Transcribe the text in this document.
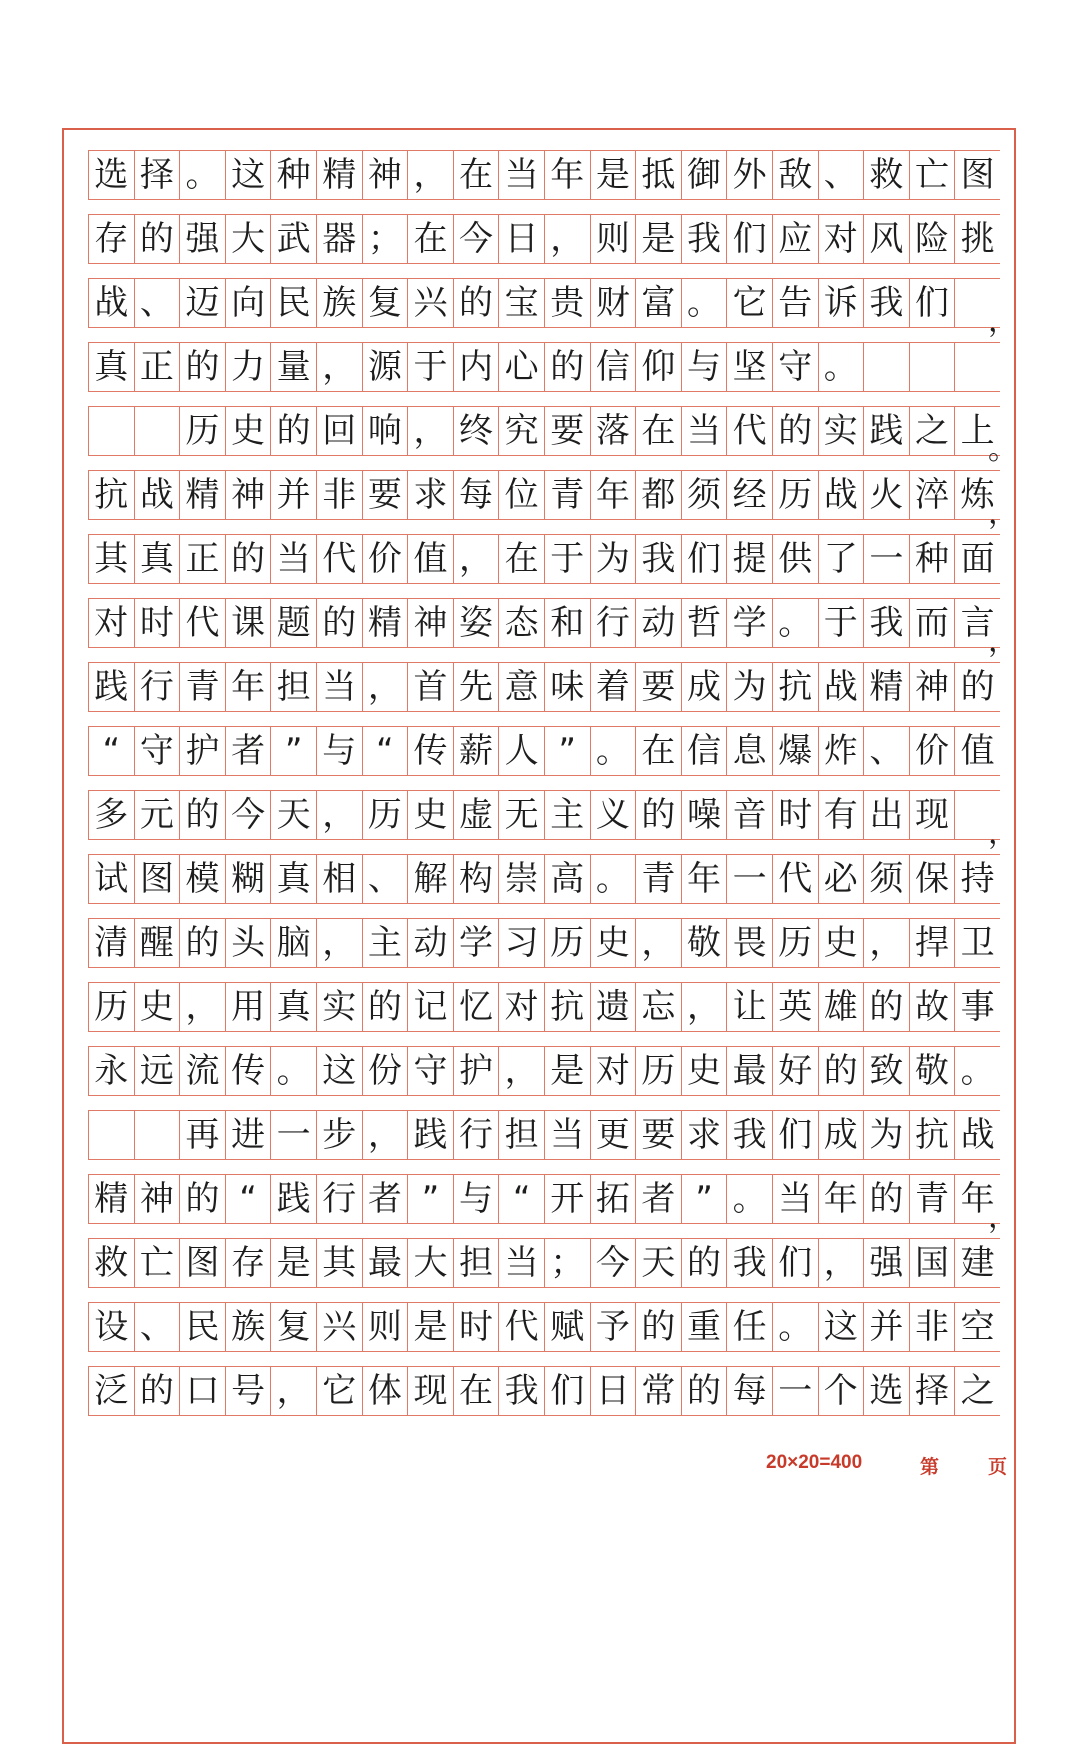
选 择 。 这 种 精 神 ， 在 当 年 是 抵 御 外 敌 、 救 亡 图
存 的 强 大 武 器 ； 在 今 日 ， 则 是 我 们 应 对 风 险 挑
战 、 迈 向 民 族 复 兴 的 宝 贵 财 富 。 它 告 诉 我 们 ，
真 正 的 力 量 ， 源 于 内 心 的 信 仰 与 坚 守 。
历 史 的 回 响 ， 终 究 要 落 在 当 代 的 实 践 之 上
。
抗 战 精 神 并 非 要 求 每 位 青 年 都 须 经 历 战 火 淬 炼
，
其 真 正 的 当 代 价 值 ， 在 于 为 我 们 提 供 了 一 种 面
对 时 代 课 题 的 精 神 姿 态 和 行 动 哲 学 。 于 我 而 言
，
践 行 青 年 担 当 ， 首 先 意 味 着 要 成 为 抗 战 精 神 的
“ 守 护 者 ” 与 “ 传 薪 人 ” 。 在 信 息 爆 炸 、 价 值
多 元 的 今 天 ， 历 史 虚 无 主 义 的 噪 音 时 有 出 现 ，
试 图 模 糊 真 相 、 解 构 崇 高 。 青 年 一 代 必 须 保 持
清 醒 的 头 脑 ， 主 动 学 习 历 史 ， 敬 畏 历 史 ， 捍 卫
历 史 ， 用 真 实 的 记 忆 对 抗 遗 忘 ， 让 英 雄 的 故 事
永 远 流 传 。 这 份 守 护 ， 是 对 历 史 最 好 的 致 敬 。
再 进 一 步 ， 践 行 担 当 更 要 求 我 们 成 为 抗 战
精 神 的 “ 践 行 者 ” 与 “ 开 拓 者 ” 。 当 年 的 青 年
，
救 亡 图 存 是 其 最 大 担 当 ； 今 天 的 我 们 ， 强 国 建
设 、 民 族 复 兴 则 是 时 代 赋 予 的 重 任 。 这 并 非 空
泛 的 口 号 ， 它 体 现 在 我 们 日 常 的 每 一 个 选 择 之
20×20=400	第	页
